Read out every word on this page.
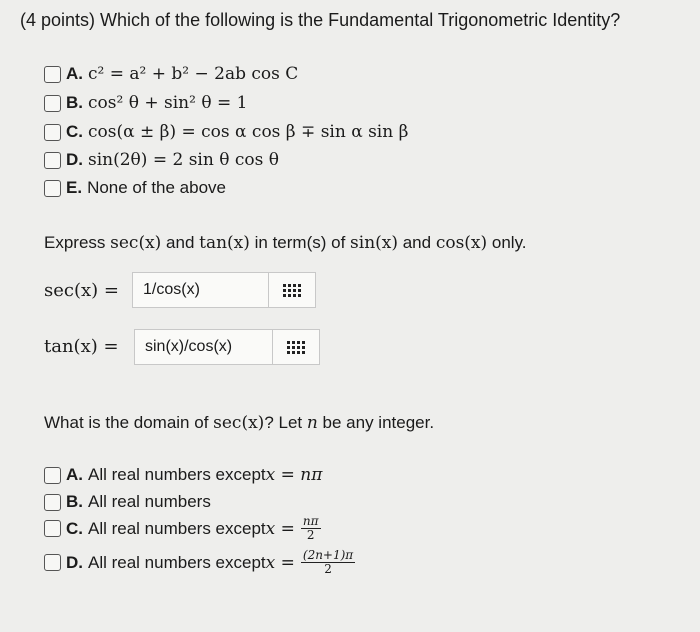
(4 points) Which of the following is the Fundamental Trigonometric Identity?
A. c² = a² + b² − 2ab cos C
B. cos² θ + sin² θ = 1
C. cos(α ± β) = cos α cos β ∓ sin α sin β
D. sin(2θ) = 2 sin θ cos θ
E. None of the above
Express sec(x) and tan(x) in term(s) of sin(x) and cos(x) only.
sec(x) =	1/cos(x)
tan(x) =	sin(x)/cos(x)
What is the domain of sec(x)? Let n be any integer.
A. All real numbers except x = nπ
B. All real numbers
C. All real numbers except $x = \frac{n\pi}{2}$
D. All real numbers except $x = \frac{(2n+1)\pi}{2}$
